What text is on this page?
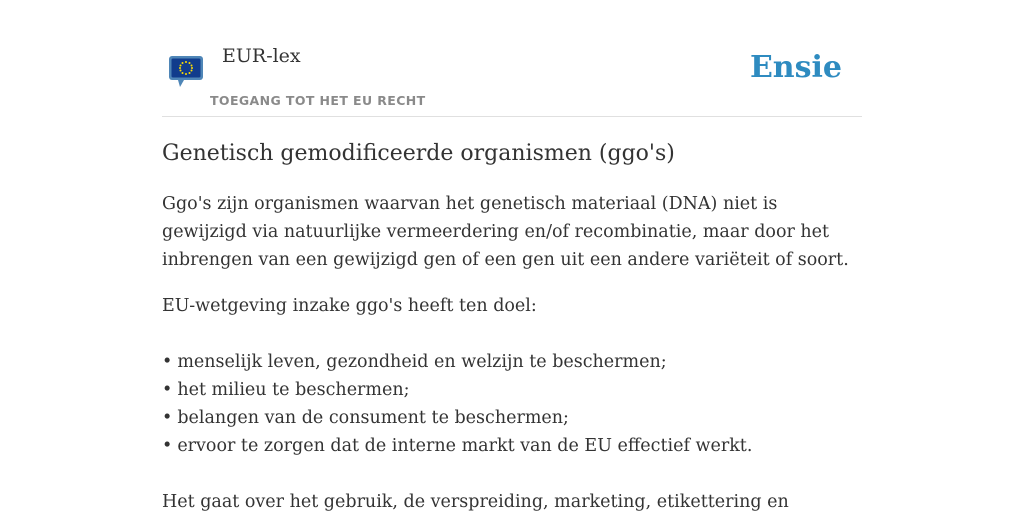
EUR-lex
TOEGANG TOT HET EU RECHT
Ensie
Genetisch gemodificeerde organismen (ggo's)

Ggo's zijn organismen waarvan het genetisch materiaal (DNA) niet is gewijzigd via natuurlijke vermeerdering en/of recombinatie, maar door het inbrengen van een gewijzigd gen of een gen uit een andere variëteit of soort.

EU-wetgeving inzake ggo's heeft ten doel:

• menselijk leven, gezondheid en welzijn te beschermen;
• het milieu te beschermen;
• belangen van de consument te beschermen;
• ervoor te zorgen dat de interne markt van de EU effectief werkt.

Het gaat over het gebruik, de verspreiding, marketing, etikettering en
